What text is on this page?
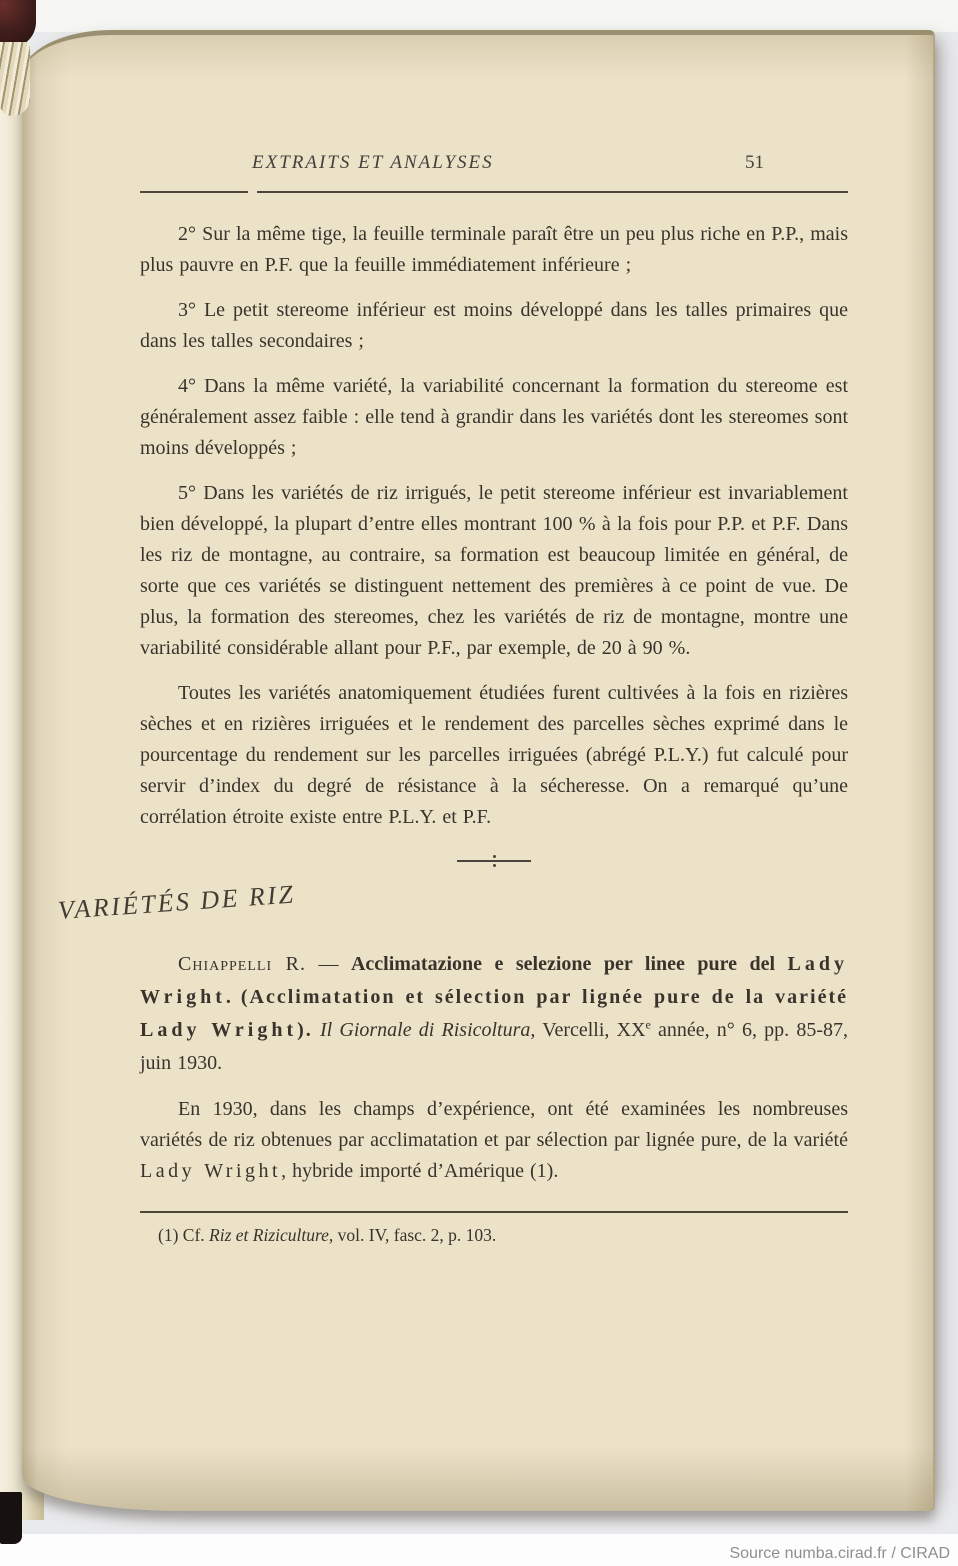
EXTRAITS ET ANALYSES	51

2° Sur la même tige, la feuille terminale paraît être un peu plus riche en P.P., mais plus pauvre en P.F. que la feuille immédiatement inférieure ;

3° Le petit stereome inférieur est moins développé dans les talles primaires que dans les talles secondaires ;

4° Dans la même variété, la variabilité concernant la formation du stereome est généralement assez faible : elle tend à grandir dans les variétés dont les stereomes sont moins développés ;

5° Dans les variétés de riz irrigués, le petit stereome inférieur est invariablement bien développé, la plupart d’entre elles montrant 100 % à la fois pour P.P. et P.F. Dans les riz de montagne, au contraire, sa formation est beaucoup limitée en général, de sorte que ces variétés se distinguent nettement des premières à ce point de vue. De plus, la formation des stereomes, chez les variétés de riz de montagne, montre une variabilité considérable allant pour P.F., par exemple, de 20 à 90 %.

Toutes les variétés anatomiquement étudiées furent cultivées à la fois en rizières sèches et en rizières irriguées et le rendement des parcelles sèches exprimé dans le pourcentage du rendement sur les parcelles irriguées (abrégé P.L.Y.) fut calculé pour servir d’index du degré de résistance à la sécheresse. On a remarqué qu’une corrélation étroite existe entre P.L.Y. et P.F.

VARIÉTÉS DE RIZ

Chiappelli R. — Acclimatazione e selezione per linee pure del Lady Wright. (Acclimatation et sélection par lignée pure de la variété Lady Wright). Il Giornale di Risicoltura, Vercelli, XXe année, n° 6, pp. 85-87, juin 1930.

En 1930, dans les champs d’expérience, ont été examinées les nombreuses variétés de riz obtenues par acclimatation et par sélection par lignée pure, de la variété Lady Wright, hybride importé d’Amérique (1).

(1) Cf. Riz et Riziculture, vol. IV, fasc. 2, p. 103.

Source numba.cirad.fr / CIRAD
